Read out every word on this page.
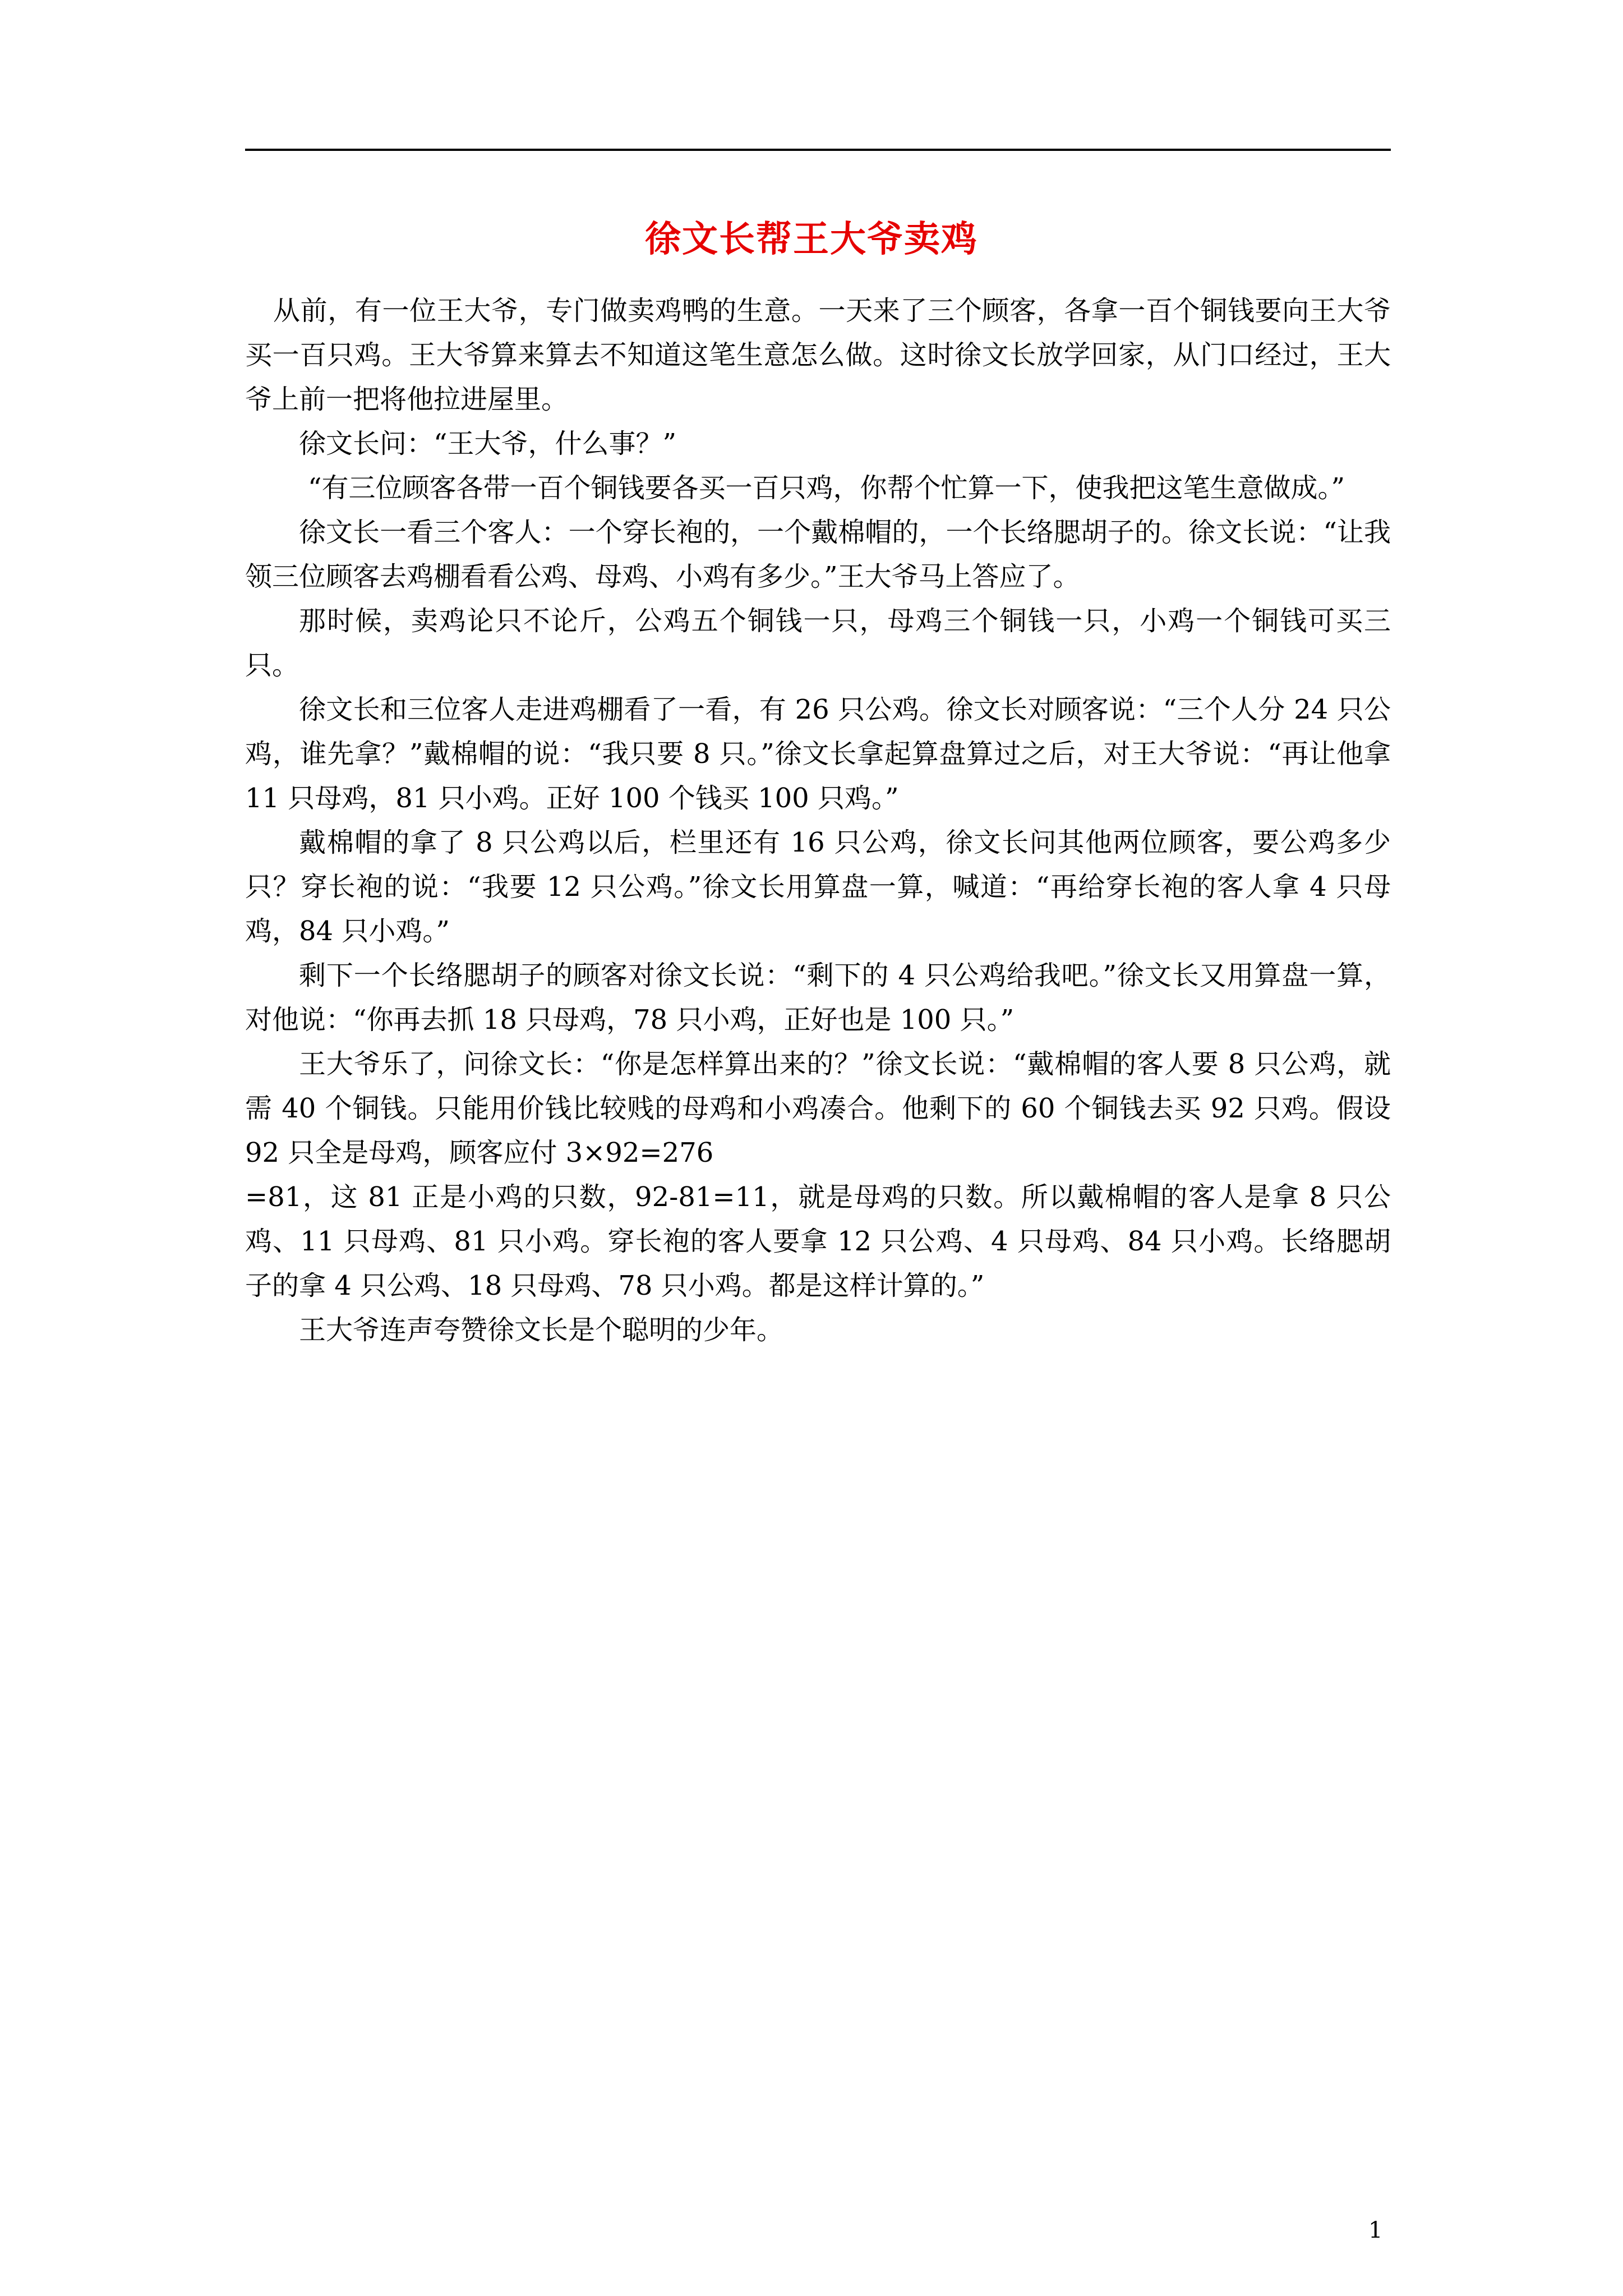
徐文长帮王大爷卖鸡

从前，有一位王大爷，专门做卖鸡鸭的生意。一天来了三个顾客，各拿一百个铜钱要向王大爷买一百只鸡。王大爷算来算去不知道这笔生意怎么做。这时徐文长放学回家，从门口经过，王大爷上前一把将他拉进屋里。

徐文长问：“王大爷，什么事？”

“有三位顾客各带一百个铜钱要各买一百只鸡，你帮个忙算一下，使我把这笔生意做成。”

徐文长一看三个客人：一个穿长袍的，一个戴棉帽的，一个长络腮胡子的。徐文长说：“让我领三位顾客去鸡棚看看公鸡、母鸡、小鸡有多少。”王大爷马上答应了。

那时候，卖鸡论只不论斤，公鸡五个铜钱一只，母鸡三个铜钱一只，小鸡一个铜钱可买三只。

徐文长和三位客人走进鸡棚看了一看，有 26 只公鸡。徐文长对顾客说：“三个人分 24 只公鸡，谁先拿？”戴棉帽的说：“我只要 8 只。”徐文长拿起算盘算过之后，对王大爷说：“再让他拿 11 只母鸡，81 只小鸡。正好 100 个钱买 100 只鸡。”

戴棉帽的拿了 8 只公鸡以后，栏里还有 16 只公鸡，徐文长问其他两位顾客，要公鸡多少只？穿长袍的说：“我要 12 只公鸡。”徐文长用算盘一算，喊道：“再给穿长袍的客人拿 4 只母鸡，84 只小鸡。”

剩下一个长络腮胡子的顾客对徐文长说：“剩下的 4 只公鸡给我吧。”徐文长又用算盘一算，对他说：“你再去抓 18 只母鸡，78 只小鸡，正好也是 100 只。”

王大爷乐了，问徐文长：“你是怎样算出来的？”徐文长说：“戴棉帽的客人要 8 只公鸡，就需 40 个铜钱。只能用价钱比较贱的母鸡和小鸡凑合。他剩下的 60 个铜钱去买 92 只鸡。假设 92 只全是母鸡，顾客应付 3×92=276

=81，这 81 正是小鸡的只数，92-81=11，就是母鸡的只数。所以戴棉帽的客人是拿 8 只公鸡、11 只母鸡、81 只小鸡。穿长袍的客人要拿 12 只公鸡、4 只母鸡、84 只小鸡。长络腮胡子的拿 4 只公鸡、18 只母鸡、78 只小鸡。都是这样计算的。”

王大爷连声夸赞徐文长是个聪明的少年。

1
